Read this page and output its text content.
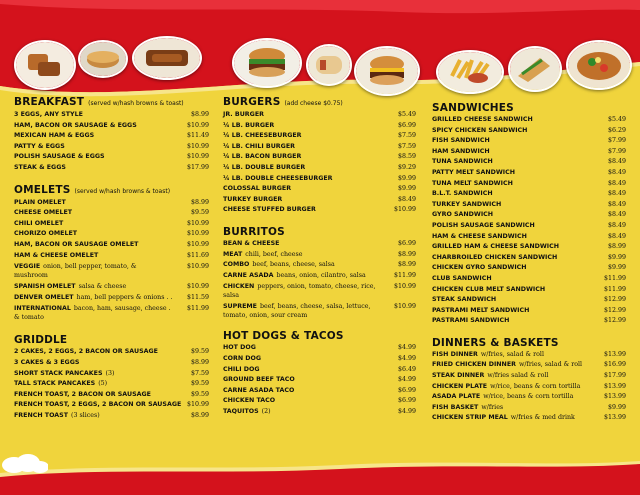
BREAKFAST (served w/hash browns & toast)
3 EGGS, ANY STYLE	$8.99
HAM, BACON OR SAUSAGE & EGGS	$10.99
MEXICAN HAM & EGGS	$11.49
PATTY & EGGS	$10.99
POLISH SAUSAGE & EGGS	$10.99
STEAK & EGGS	$17.99
OMELETS (served w/hash browns & toast)
PLAIN OMELET	$8.99
CHEESE OMELET	$9.59
CHILI OMELET	$10.99
CHORIZO OMELET	$10.99
HAM, BACON OR SAUSAGE OMELET	$10.99
HAM & CHEESE OMELET	$11.69
VEGGIE onion, bell pepper, tomato, &	$10.99
mushroom
SPANISH OMELET salsa & cheese	$10.99
DENVER OMELET ham, bell peppers & onions . . $11.59
INTERNATIONAL bacon, ham, sausage, cheese .	$11.99
& tomato
GRIDDLE
2 CAKES, 2 EGGS, 2 BACON OR SAUSAGE	$9.59
3 CAKES & 3 EGGS	$8.99
SHORT STACK PANCAKES (3)	$7.59
TALL STACK PANCAKES (5)	$9.59
FRENCH TOAST, 2 BACON OR SAUSAGE	$9.59
FRENCH TOAST, 2 EGGS, 2 BACON OR SAUSAGE $10.99
FRENCH TOAST (3 slices)	$8.99
BURGERS (add cheese $0.75)
JR. BURGER	$5.49
¼ LB. BURGER	$6.99
¼ LB. CHEESEBURGER	$7.59
¼ LB. CHILI BURGER	$7.59
¼ LB. BACON BURGER	$8.59
¼ LB. DOUBLE BURGER	$9.29
¼ LB. DOUBLE CHEESEBURGER	$9.99
COLOSSAL BURGER	$9.99
TURKEY BURGER	$8.49
CHEESE STUFFED BURGER	$10.99
BURRITOS
BEAN & CHEESE	$6.99
MEAT chili, beef, cheese	$8.99
COMBO beef, beans, cheese, salsa	$8.99
CARNE ASADA beans, onion, cilantro, salsa	$11.99
CHICKEN peppers, onion, tomato, cheese, rice,	$10.99
salsa
SUPREME beef, beans, cheese, salsa, lettuce,	$10.99
tomato, onion, sour cream
HOT DOGS & TACOS
HOT DOG	$4.99
CORN DOG	$4.99
CHILI DOG	$6.49
GROUND BEEF TACO	$4.99
CARNE ASADA TACO	$6.99
CHICKEN TACO	$6.99
TAQUITOS (2)	$4.99
SANDWICHES
GRILLED CHEESE SANDWICH	$5.49
SPICY CHICKEN SANDWICH	$6.29
FISH SANDWICH	$7.99
HAM SANDWICH	$7.99
TUNA SANDWICH	$8.49
PATTY MELT SANDWICH	$8.49
TUNA MELT SANDWICH	$8.49
B.L.T. SANDWICH	$8.49
TURKEY SANDWICH	$8.49
GYRO SANDWICH	$8.49
POLISH SAUSAGE SANDWICH	$8.49
HAM & CHEESE SANDWICH	$8.49
GRILLED HAM & CHEESE SANDWICH	$8.99
CHARBROILED CHICKEN SANDWICH	$9.99
CHICKEN GYRO SANDWICH	$9.99
CLUB SANDWICH	$11.99
CHICKEN CLUB MELT SANDWICH	$11.99
STEAK SANDWICH	$12.99
PASTRAMI MELT SANDWICH	$12.99
PASTRAMI SANDWICH	$12.99
DINNERS & BASKETS
FISH DINNER w/fries, salad & roll	$13.99
FRIED CHICKEN DINNER w/fries, salad & roll	$16.99
STEAK DINNER w/fries salad & roll	$17.99
CHICKEN PLATE w/rice, beans & corn tortilla	$13.99
ASADA PLATE w/rice, beans & corn tortilla	$13.99
FISH BASKET w/fries	$9.99
CHICKEN STRIP MEAL w/fries & med drink	$13.99
